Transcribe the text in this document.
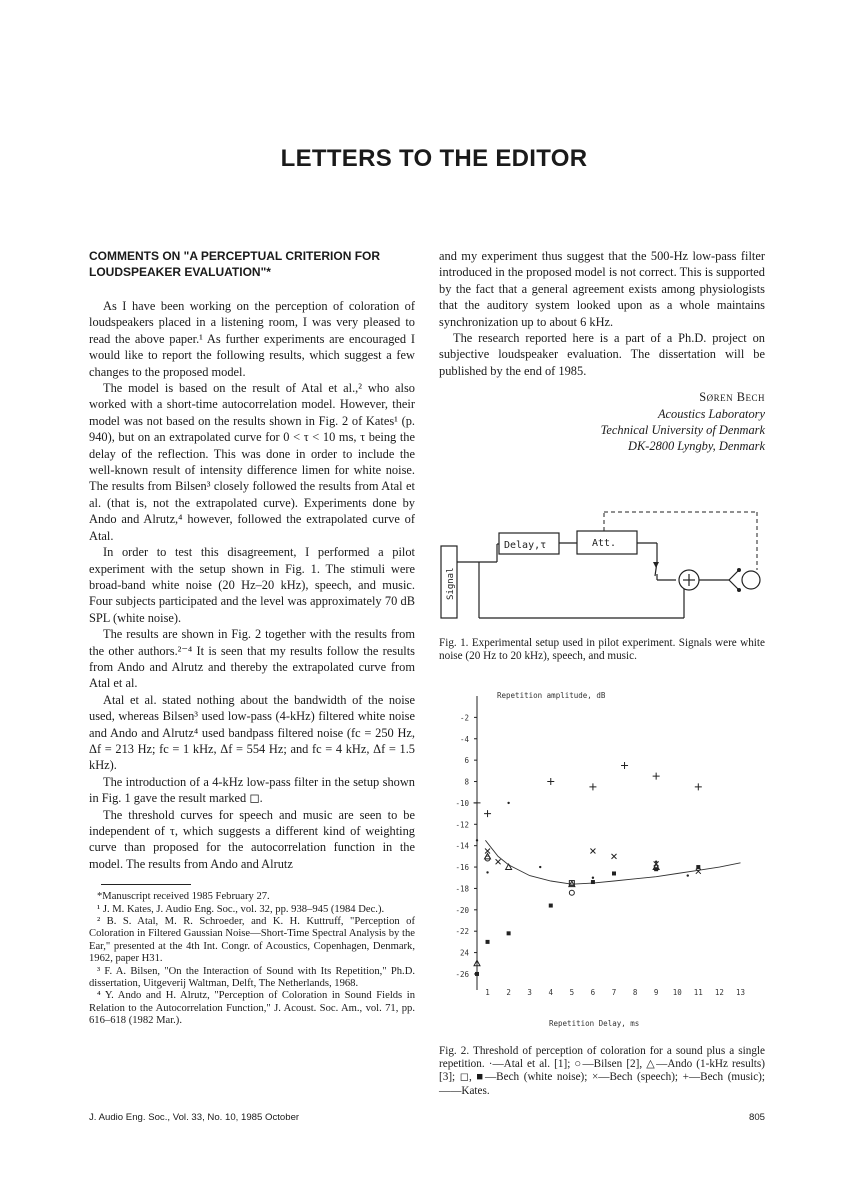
LETTERS TO THE EDITOR
COMMENTS ON "A PERCEPTUAL CRITERION FOR LOUDSPEAKER EVALUATION"*

As I have been working on the perception of coloration of loudspeakers placed in a listening room, I was very pleased to read the above paper.¹ As further experiments are encouraged I would like to report the following results, which suggest a few changes to the proposed model.

The model is based on the result of Atal et al.,² who also worked with a short-time autocorrelation model. However, their model was not based on the results shown in Fig. 2 of Kates¹ (p. 940), but on an extrapolated curve for 0 < τ < 10 ms, τ being the delay of the reflection. This was done in order to include the well-known result of intensity difference limen for white noise. The results from Bilsen³ closely followed the results from Atal et al. (that is, not the extrapolated curve). Experiments done by Ando and Alrutz,⁴ however, followed the extrapolated curve of Atal.

In order to test this disagreement, I performed a pilot experiment with the setup shown in Fig. 1. The stimuli were broad-band white noise (20 Hz–20 kHz), speech, and music. Four subjects participated and the level was approximately 70 dB SPL (white noise).

The results are shown in Fig. 2 together with the results from the other authors.²⁻⁴ It is seen that my results follow the results from Ando and Alrutz and thereby the extrapolated curve from Atal et al.

Atal et al. stated nothing about the bandwidth of the noise used, whereas Bilsen³ used low-pass (4-kHz) filtered white noise and Ando and Alrutz⁴ used bandpass filtered noise (fc = 250 Hz, Δf = 213 Hz; fc = 1 kHz, Δf = 554 Hz; and fc = 4 kHz, Δf = 1.5 kHz).

The introduction of a 4-kHz low-pass filter in the setup shown in Fig. 1 gave the result marked ◻.

The threshold curves for speech and music are seen to be independent of τ, which suggests a different kind of weighting curve than proposed for the autocorrelation function in the model. The results from Ando and Alrutz

*Manuscript received 1985 February 27.

¹ J. M. Kates, J. Audio Eng. Soc., vol. 32, pp. 938–945 (1984 Dec.).

² B. S. Atal, M. R. Schroeder, and K. H. Kuttruff, "Perception of Coloration in Filtered Gaussian Noise—Short-Time Spectral Analysis by the Ear," presented at the 4th Int. Congr. of Acoustics, Copenhagen, Denmark, 1962, paper H31.

³ F. A. Bilsen, "On the Interaction of Sound with Its Repetition," Ph.D. dissertation, Uitgeverij Waltman, Delft, The Netherlands, 1968.

⁴ Y. Ando and H. Alrutz, "Perception of Coloration in Sound Fields in Relation to the Autocorrelation Function," J. Acoust. Soc. Am., vol. 71, pp. 616–618 (1982 Mar.).

and my experiment thus suggest that the 500-Hz low-pass filter introduced in the proposed model is not correct. This is supported by the fact that a general agreement exists among physiologists that the auditory system looked upon as a whole maintains synchronization up to about 6 kHz.

The research reported here is a part of a Ph.D. project on subjective loudspeaker evaluation. The dissertation will be published by the end of 1985.

Søren Bech
Acoustics Laboratory
Technical University of Denmark
DK-2800 Lyngby, Denmark
Delay,τ	Att.
Signal

Fig. 1. Experimental setup used in pilot experiment. Signals were white noise (20 Hz to 20 kHz), speech, and music.

Repetition amplitude, dB
Repetition Delay, ms
-2
-4
6
8
-10
-12
-14
-16
-18
-20
-22
24
-26
1 2 3 4 5 6 7 8 9 10 11 12 13

Fig. 2. Threshold of perception of coloration for a sound plus a single repetition. ·—Atal et al. [1]; ○—Bilsen [2], △—Ando (1-kHz results) [3]; ◻, ■—Bech (white noise); ×—Bech (speech); +—Bech (music); ——Kates.

J. Audio Eng. Soc., Vol. 33, No. 10, 1985 October	805
